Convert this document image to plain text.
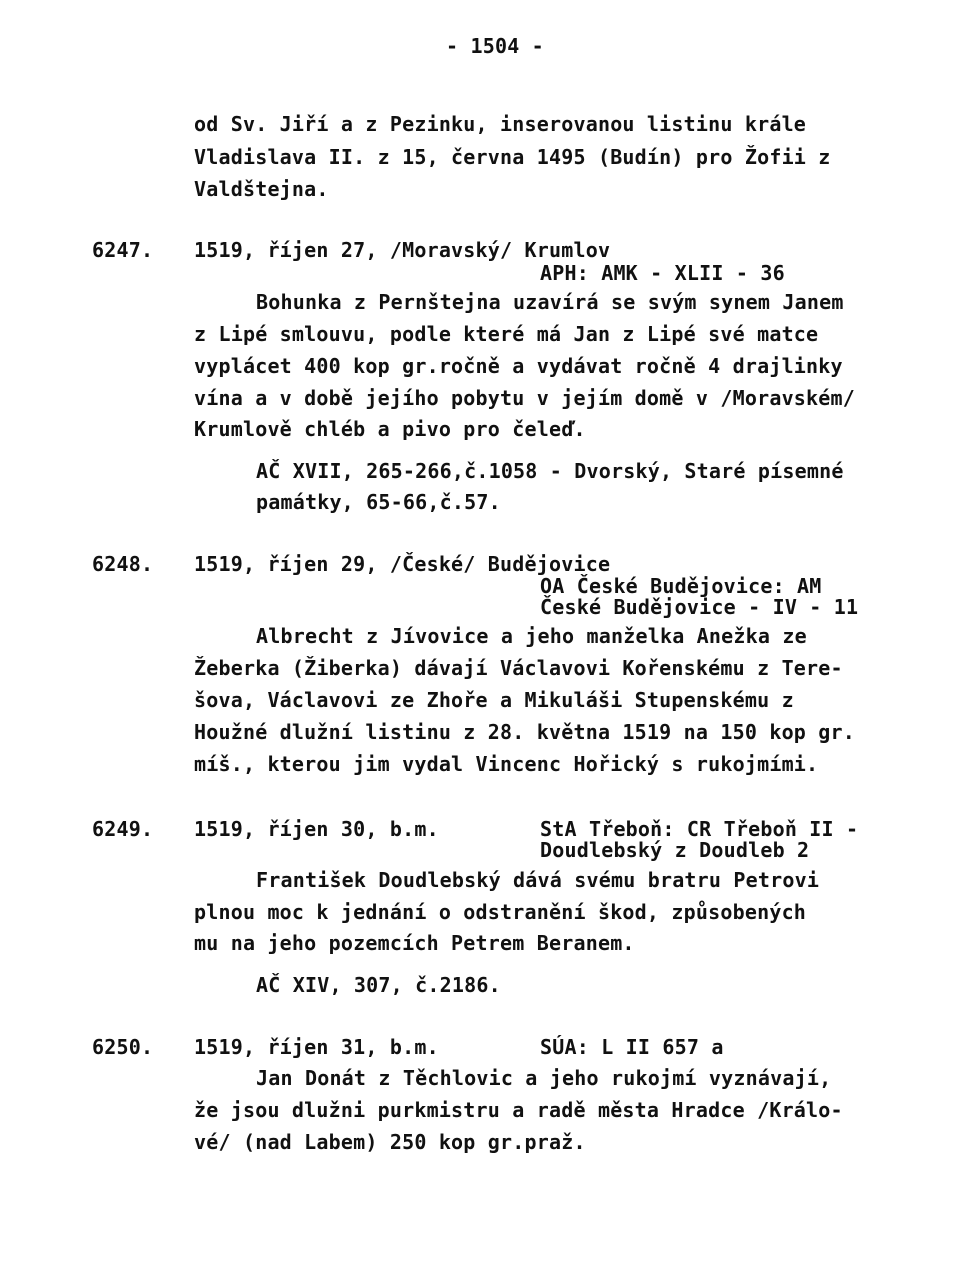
- 1504 -
od Sv. Jiří a z Pezinku, inserovanou listinu krále
Vladislava II. z 15, června 1495 (Budín) pro Žofii z
Valdštejna.
6247. 1519, říjen 27, /Moravský/ Krumlov
APH: AMK - XLII - 36
Bohunka z Pernštejna uzavírá se svým synem Janem
z Lipé smlouvu, podle které má Jan z Lipé své matce
vyplácet 400 kop gr.ročně a vydávat ročně 4 drajlinky
vína a v době jejího pobytu v jejím domě v /Moravském/
Krumlově chléb a pivo pro čeleď.
AČ XVII, 265-266,č.1058 - Dvorský, Staré písemné
památky, 65-66,č.57.
6248. 1519, říjen 29, /České/ Budějovice
OA České Budějovice: AM
České Budějovice - IV - 11
Albrecht z Jívovice a jeho manželka Anežka ze
Žeberka (Žiberka) dávají Václavovi Kořenskému z Tere-
šova, Václavovi ze Zhoře a Mikuláši Stupenskému z
Houžné dlužní listinu z 28. května 1519 na 150 kop gr.
míš., kterou jim vydal Vincenc Hořický s rukojmími.
6249. 1519, říjen 30, b.m.	StA Třeboň: CR Třeboň II -
Doudlebský z Doudleb 2
František Doudlebský dává svému bratru Petrovi
plnou moc k jednání o odstranění škod, způsobených
mu na jeho pozemcích Petrem Beranem.
AČ XIV, 307, č.2186.
6250. 1519, říjen 31, b.m.	SÚA: L II 657 a
Jan Donát z Těchlovic a jeho rukojmí vyznávají,
že jsou dlužni purkmistru a radě města Hradce /Králo-
vé/ (nad Labem) 250 kop gr.praž.
